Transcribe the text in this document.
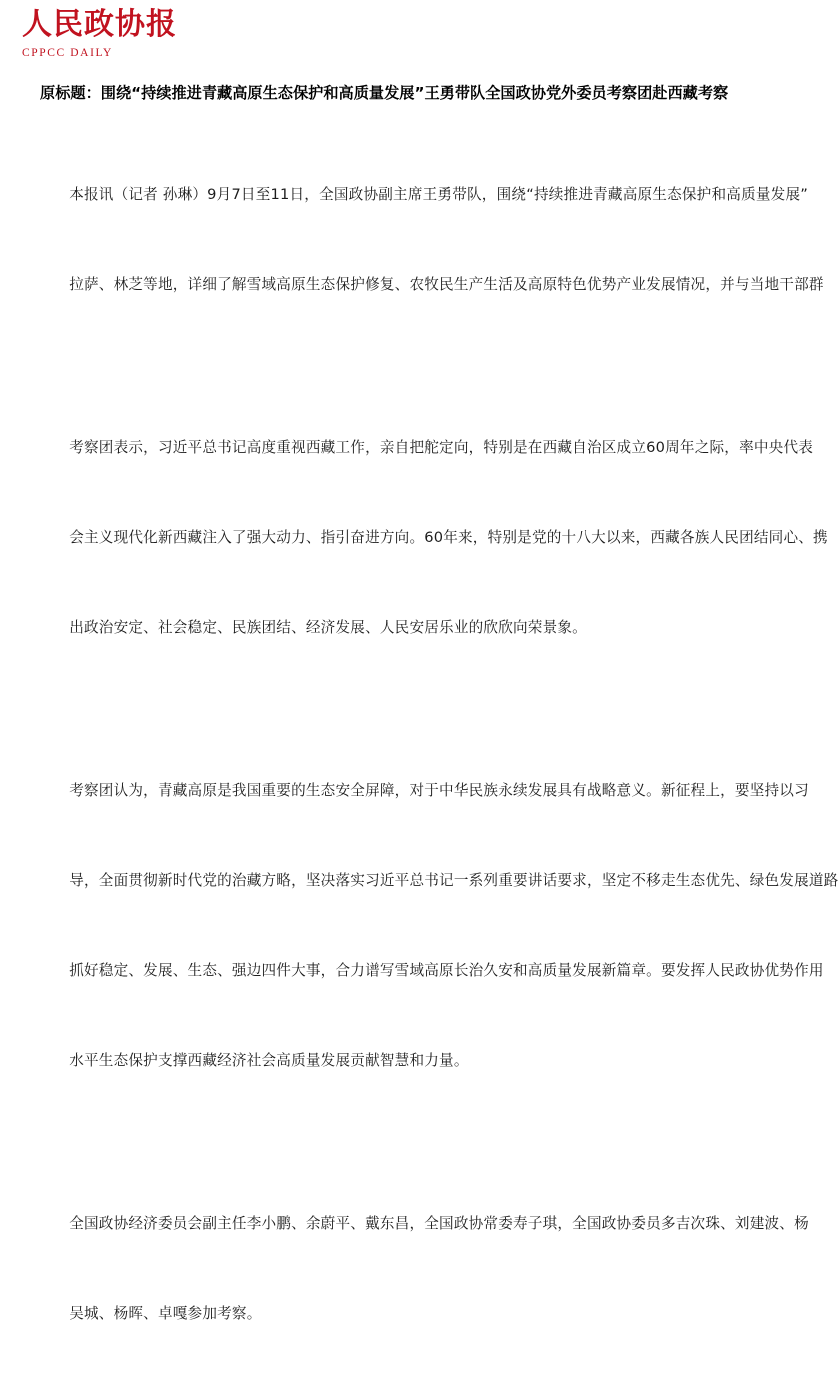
人民政协报
CPPCC DAILY
原标题：围绕“持续推进青藏高原生态保护和高质量发展”王勇带队全国政协党外委员考察团赴西藏考察

本报讯（记者 孙琳）9月7日至11日，全国政协副主席王勇带队，围绕“持续推进青藏高原生态保护和高质量发展”

拉萨、林芝等地，详细了解雪域高原生态保护修复、农牧民生产生活及高原特色优势产业发展情况，并与当地干部群

考察团表示，习近平总书记高度重视西藏工作，亲自把舵定向，特别是在西藏自治区成立60周年之际，率中央代表

会主义现代化新西藏注入了强大动力、指引奋进方向。60年来，特别是党的十八大以来，西藏各族人民团结同心、携

出政治安定、社会稳定、民族团结、经济发展、人民安居乐业的欣欣向荣景象。

考察团认为，青藏高原是我国重要的生态安全屏障，对于中华民族永续发展具有战略意义。新征程上，要坚持以习

导，全面贯彻新时代党的治藏方略，坚决落实习近平总书记一系列重要讲话要求，坚定不移走生态优先、绿色发展道路

抓好稳定、发展、生态、强边四件大事，合力谱写雪域高原长治久安和高质量发展新篇章。要发挥人民政协优势作用

水平生态保护支撑西藏经济社会高质量发展贡献智慧和力量。

全国政协经济委员会副主任李小鹏、余蔚平、戴东昌，全国政协常委寿子琪，全国政协委员多吉次珠、刘建波、杨

吴城、杨晖、卓嘎参加考察。
